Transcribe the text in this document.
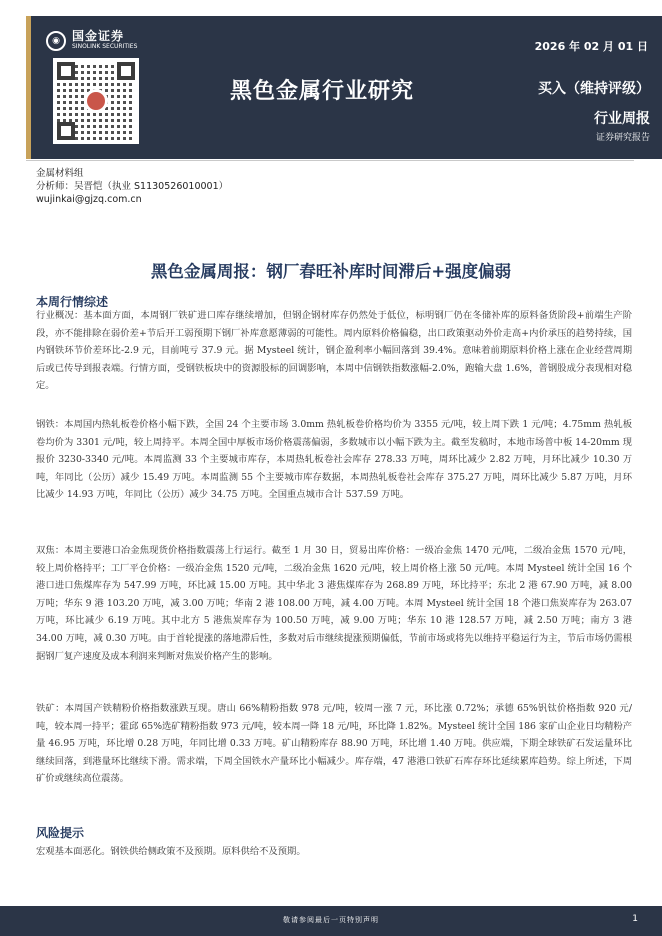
◉	国金证券
SINOLINK SECURITIES	2026 年 02 月 01 日
黑色金属行业研究	买入（维持评级）
行业周报
证券研究报告
金属材料组
分析师：吴晋恺（执业 S1130526010001）
wujinkai@gjzq.com.cn
黑色金属周报：钢厂春旺补库时间滞后+强度偏弱
本周行情综述
行业概况：基本面方面，本周钢厂铁矿进口库存继续增加，但钢企钢材库存仍然处于低位，标明钢厂仍在冬储补库的原料备货阶段+前端生产阶段，亦不能排除在弱价差+节后开工弱预期下钢厂补库意愿薄弱的可能性。周内原料价格偏稳，出口政策驱动外价走高+内价承压的趋势持续，国内钢铁环节价差环比-2.9 元，目前吨亏 37.9 元。据 Mysteel 统计，钢企盈利率小幅回落到 39.4%。意味着前期原料价格上涨在企业经营周期后或已传导到报表端。行情方面，受钢铁板块中的资源股标的回调影响，本周中信钢铁指数涨幅-2.0%，跑输大盘 1.6%，普钢股成分表现相对稳定。
钢铁：本周国内热轧板卷价格小幅下跌，全国 24 个主要市场 3.0mm 热轧板卷价格均价为 3355 元/吨，较上周下跌 1 元/吨；4.75mm 热轧板卷均价为 3301 元/吨，较上周持平。本周全国中厚板市场价格震荡偏弱，多数城市以小幅下跌为主。截至发稿时，本地市场普中板 14-20mm 现报价 3230-3340 元/吨。本周监测 33 个主要城市库存，本周热轧板卷社会库存 278.33 万吨，周环比减少 2.82 万吨，月环比减少 10.30 万吨，年同比（公历）减少 15.49 万吨。本周监测 55 个主要城市库存数据，本周热轧板卷社会库存 375.27 万吨，周环比减少 5.87 万吨，月环比减少 14.93 万吨，年同比（公历）减少 34.75 万吨。全国重点城市合计 537.59 万吨。
双焦：本周主要港口冶金焦现货价格指数震荡上行运行。截至 1 月 30 日，贸易出库价格：一级冶金焦 1470 元/吨，二级冶金焦 1570 元/吨，较上周价格持平；工厂平仓价格：一级冶金焦 1520 元/吨，二级冶金焦 1620 元/吨，较上周价格上涨 50 元/吨。本周 Mysteel 统计全国 16 个港口进口焦煤库存为 547.99 万吨，环比减 15.00 万吨。其中华北 3 港焦煤库存为 268.89 万吨，环比持平；东北 2 港 67.90 万吨，减 8.00 万吨；华东 9 港 103.20 万吨，减 3.00 万吨；华南 2 港 108.00 万吨，减 4.00 万吨。本周 Mysteel 统计全国 18 个港口焦炭库存为 263.07 万吨，环比减少 6.19 万吨。其中北方 5 港焦炭库存为 100.50 万吨，减 9.00 万吨；华东 10 港 128.57 万吨，减 2.50 万吨；南方 3 港 34.00 万吨，减 0.30 万吨。由于首轮提涨的落地滞后性，多数对后市继续提涨预期偏低，节前市场或将先以维持平稳运行为主，节后市场仍需根据钢厂复产速度及成本利润来判断对焦炭价格产生的影响。
铁矿：本周国产铁精粉价格指数涨跌互现。唐山 66%精粉指数 978 元/吨，较周一涨 7 元，环比涨 0.72%；承德 65%钒钛价格指数 920 元/吨，较本周一持平；霍邱 65%选矿精粉指数 973 元/吨，较本周一降 18 元/吨，环比降 1.82%。Mysteel 统计全国 186 家矿山企业日均精粉产量 46.95 万吨，环比增 0.28 万吨，年同比增 0.33 万吨。矿山精粉库存 88.90 万吨，环比增 1.40 万吨。供应端，下期全球铁矿石发运量环比继续回落，到港量环比继续下滑。需求端，下周全国铁水产量环比小幅减少。库存端，47 港港口铁矿石库存环比延续累库趋势。综上所述，下周矿价或继续高位震荡。
风险提示
宏观基本面恶化。钢铁供给侧政策不及预期。原料供给不及预期。
敬请参阅最后一页特别声明	1
